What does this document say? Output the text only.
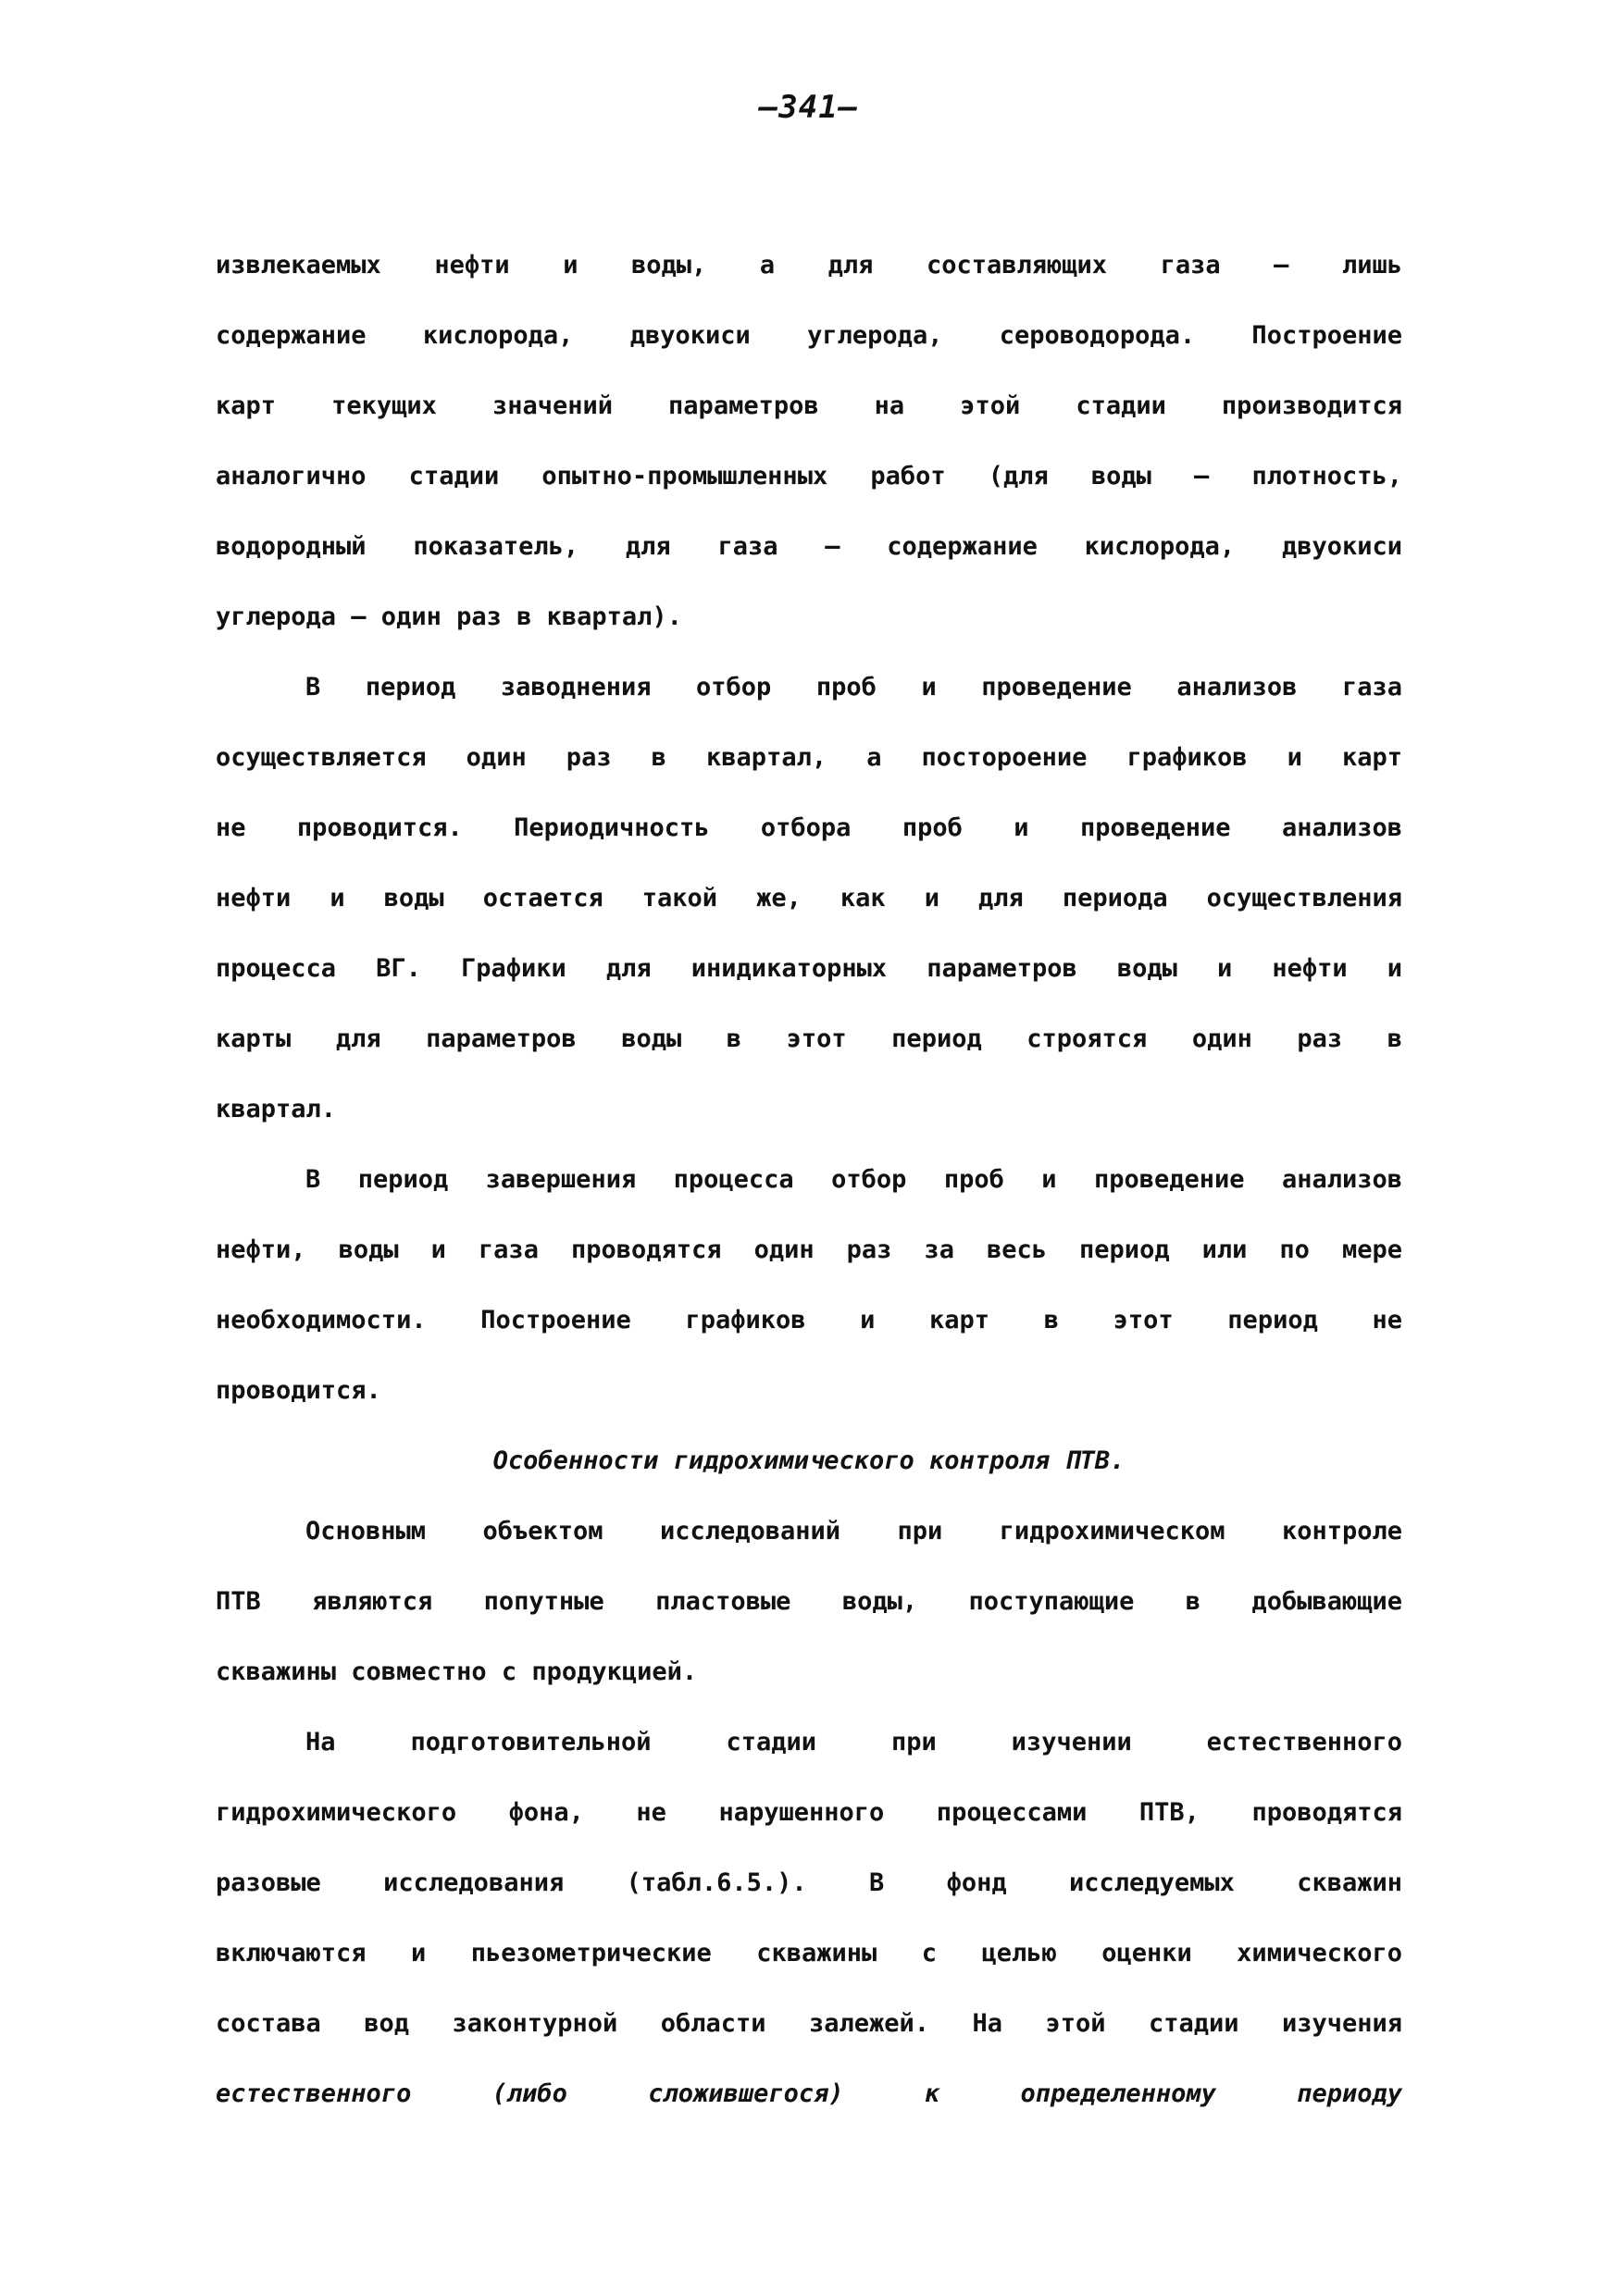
—341—
извлекаемых нефти и воды, а для составляющих газа – лишь
содержание кислорода, двуокиси углерода, сероводорода. Построение
карт текущих значений параметров на этой стадии производится
аналогично стадии опытно-промышленных работ (для воды – плотность,
водородный показатель, для газа – содержание кислорода, двуокиси
углерода – один раз в квартал).
В период заводнения отбор проб и проведение анализов газа
осуществляется один раз в квартал, а постороение графиков и карт
не проводится. Периодичность отбора проб и проведение анализов
нефти и воды остается такой же, как и для периода осуществления
процесса ВГ. Графики для инидикаторных параметров воды и нефти и
карты для параметров воды в этот период строятся один раз в
квартал.
В период завершения процесса отбор проб и проведение анализов
нефти, воды и газа проводятся один раз за весь период или по мере
необходимости. Построение графиков и карт в этот период не
проводится.
Особенности гидрохимического контроля ПТВ.
Основным объектом исследований при гидрохимическом контроле
ПТВ являются попутные пластовые воды, поступающие в добывающие
скважины совместно с продукцией.
На подготовительной стадии при изучении естественного
гидрохимического фона, не нарушенного процессами ПТВ, проводятся
разовые исследования (табл.6.5.). В фонд исследуемых скважин
включаются и пьезометрические скважины с целью оценки химического
состава вод законтурной области залежей. На этой стадии изучения
естественного (либо сложившегося) к определенному периоду
